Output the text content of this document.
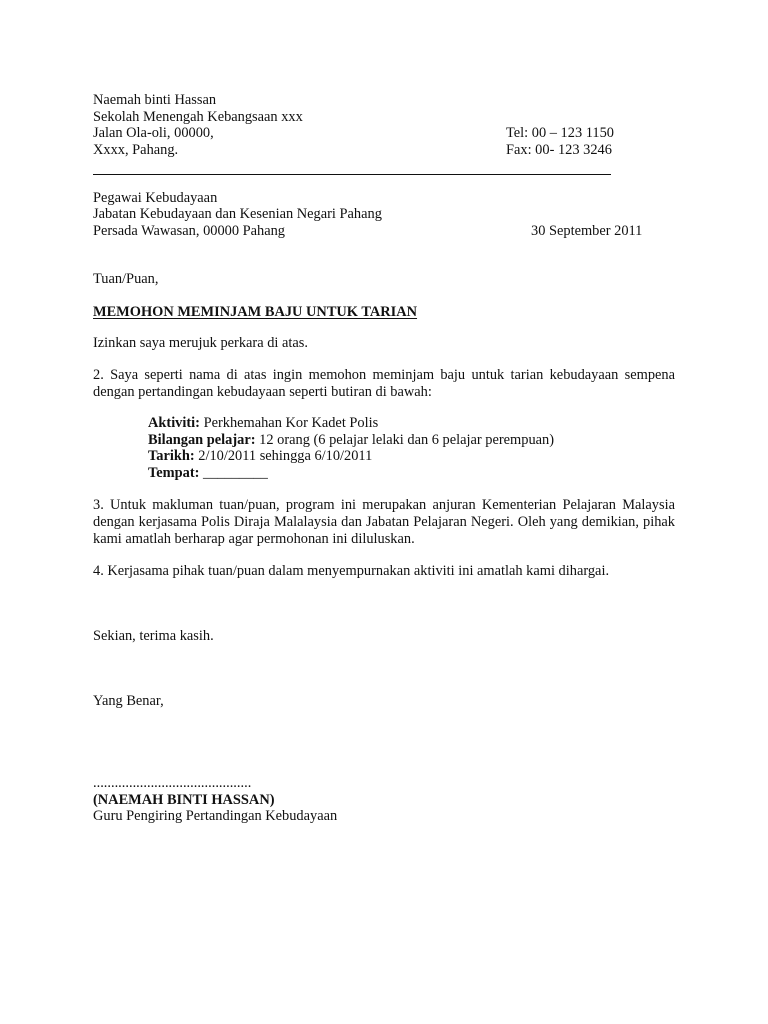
Naemah binti Hassan
Sekolah Menengah Kebangsaan xxx
Jalan Ola-oli, 00000,
Xxxx, Pahang.
Tel: 00 – 123 1150
Fax: 00- 123 3246
Pegawai Kebudayaan
Jabatan Kebudayaan dan Kesenian Negari Pahang
Persada Wawasan, 00000 Pahang	30 September 2011
Tuan/Puan,
MEMOHON MEMINJAM BAJU UNTUK TARIAN
Izinkan saya merujuk perkara di atas.
2. Saya seperti nama di atas ingin memohon meminjam baju untuk tarian kebudayaan sempena
dengan pertandingan kebudayaan seperti butiran di bawah:
Aktiviti: Perkhemahan Kor Kadet Polis
Bilangan pelajar: 12 orang (6 pelajar lelaki dan 6 pelajar perempuan)
Tarikh: 2/10/2011 sehingga 6/10/2011
Tempat: _________
3. Untuk makluman tuan/puan, program ini merupakan anjuran Kementerian Pelajaran Malaysia
dengan kerjasama Polis Diraja Malalaysia dan Jabatan Pelajaran Negeri. Oleh yang demikian, pihak
kami amatlah berharap agar permohonan ini diluluskan.
4. Kerjasama pihak tuan/puan dalam menyempurnakan aktiviti ini amatlah kami dihargai.
Sekian, terima kasih.
Yang Benar,
............................................
(NAEMAH BINTI HASSAN)
Guru Pengiring Pertandingan Kebudayaan
